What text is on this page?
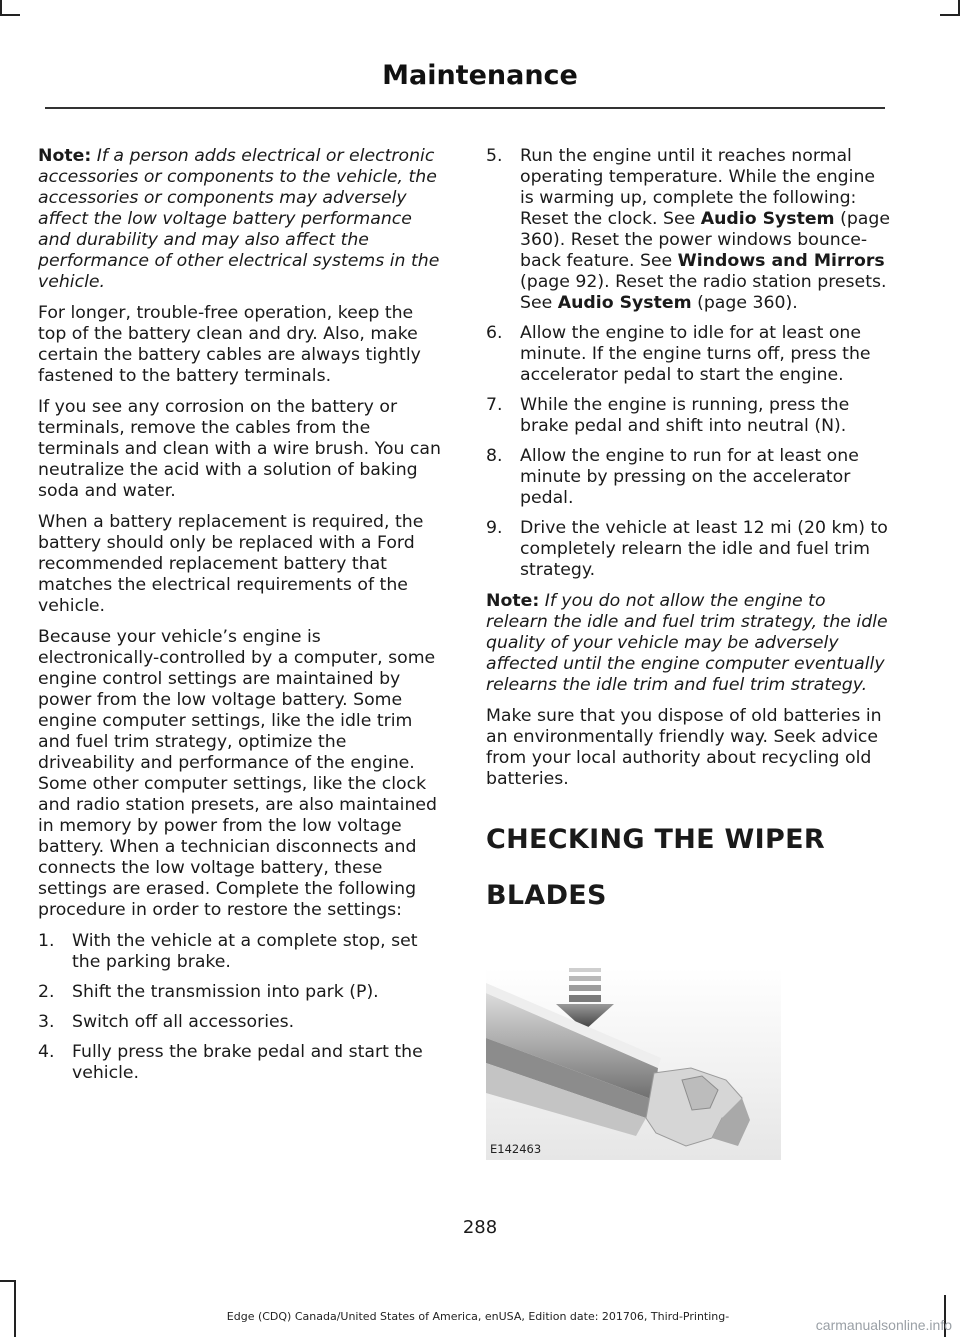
Maintenance

Note: If a person adds electrical or electronic accessories or components to the vehicle, the accessories or components may adversely affect the low voltage battery performance and durability and may also affect the performance of other electrical systems in the vehicle.

For longer, trouble-free operation, keep the top of the battery clean and dry. Also, make certain the battery cables are always tightly fastened to the battery terminals.

If you see any corrosion on the battery or terminals, remove the cables from the terminals and clean with a wire brush. You can neutralize the acid with a solution of baking soda and water.

When a battery replacement is required, the battery should only be replaced with a Ford recommended replacement battery that matches the electrical requirements of the vehicle.

Because your vehicle’s engine is electronically-controlled by a computer, some engine control settings are maintained by power from the low voltage battery. Some engine computer settings, like the idle trim and fuel trim strategy, optimize the driveability and performance of the engine. Some other computer settings, like the clock and radio station presets, are also maintained in memory by power from the low voltage battery. When a technician disconnects and connects the low voltage battery, these settings are erased. Complete the following procedure in order to restore the settings:

1.	With the vehicle at a complete stop, set the parking brake.
2.	Shift the transmission into park (P).
3.	Switch off all accessories.
4.	Fully press the brake pedal and start the vehicle.
5.	Run the engine until it reaches normal operating temperature. While the engine is warming up, complete the following: Reset the clock. See Audio System (page 360). Reset the power windows bounce-back feature. See Windows and Mirrors (page 92). Reset the radio station presets. See Audio System (page 360).
6.	Allow the engine to idle for at least one minute. If the engine turns off, press the accelerator pedal to start the engine.
7.	While the engine is running, press the brake pedal and shift into neutral (N).
8.	Allow the engine to run for at least one minute by pressing on the accelerator pedal.
9.	Drive the vehicle at least 12 mi (20 km) to completely relearn the idle and fuel trim strategy.

Note: If you do not allow the engine to relearn the idle and fuel trim strategy, the idle quality of your vehicle may be adversely affected until the engine computer eventually relearns the idle trim and fuel trim strategy.

Make sure that you dispose of old batteries in an environmentally friendly way. Seek advice from your local authority about recycling old batteries.

CHECKING THE WIPER BLADES
E142463
288
Edge (CDQ) Canada/United States of America, enUSA, Edition date: 201706, Third-Printing-
carmanualsonline.info
